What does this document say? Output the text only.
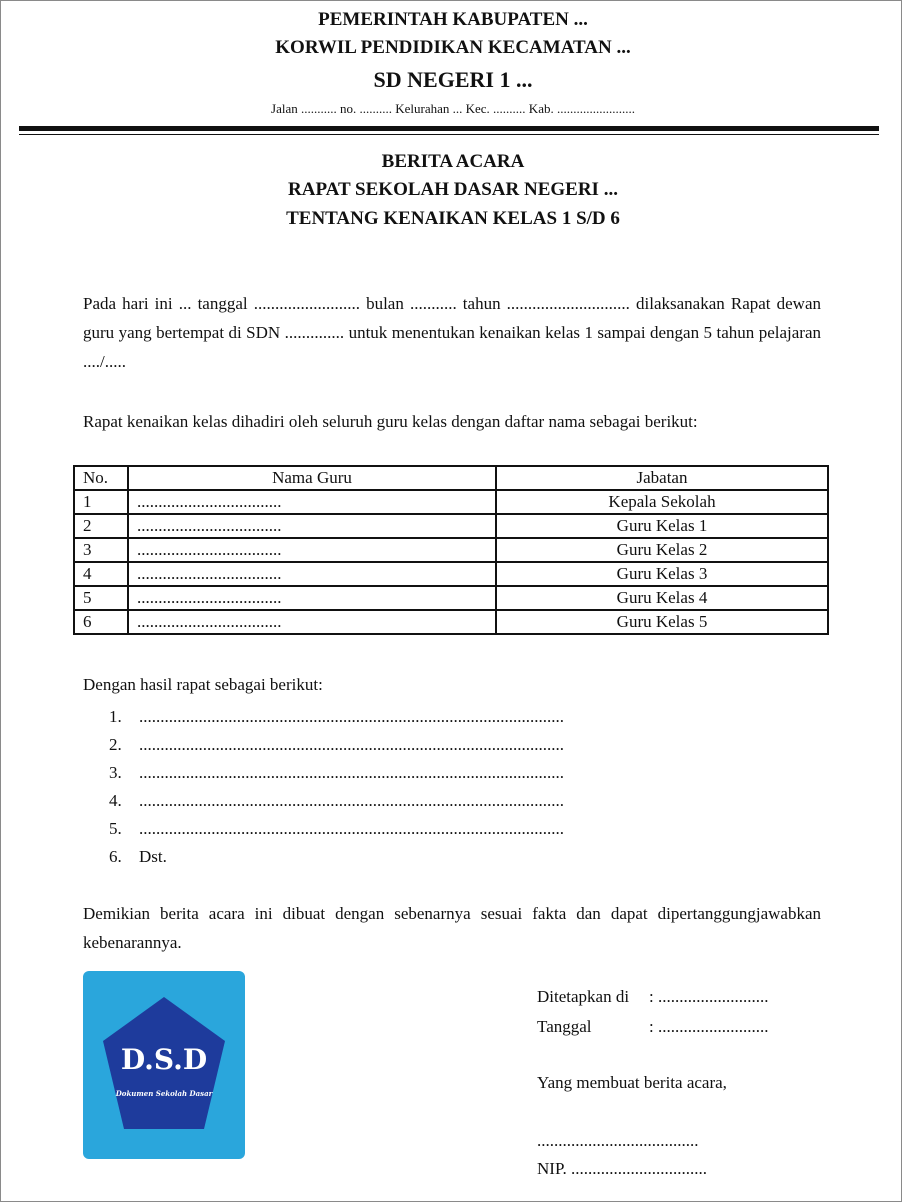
PEMERINTAH KABUPATEN ...

KORWIL PENDIDIKAN KECAMATAN ...

SD NEGERI 1 ...

Jalan ........... no. .......... Kelurahan ... Kec. .......... Kab. ........................

BERITA ACARA

RAPAT SEKOLAH DASAR NEGERI ...

TENTANG KENAIKAN KELAS 1 S/D 6

Pada hari ini ... tanggal ......................... bulan ........... tahun ............................. dilaksanakan Rapat dewan guru yang bertempat di SDN .............. untuk menentukan kenaikan kelas 1 sampai dengan 5 tahun pelajaran ..../.....

Rapat kenaikan kelas dihadiri oleh seluruh guru kelas dengan daftar nama sebagai berikut:

No.	Nama Guru	Jabatan
1	..................................	Kepala Sekolah
2	..................................	Guru Kelas 1
3	..................................	Guru Kelas 2
4	..................................	Guru Kelas 3
5	..................................	Guru Kelas 4
6	..................................	Guru Kelas 5

Dengan hasil rapat sebagai berikut:

1.	....................................................................................................
2.	....................................................................................................
3.	....................................................................................................
4.	....................................................................................................
5.	....................................................................................................
6.	Dst.

Demikian berita acara ini dibuat dengan sebenarnya sesuai fakta dan dapat dipertanggungjawabkan kebenarannya.

D.S.D
Dokumen Sekolah Dasar
Ditetapkan di	: ..........................
Tanggal	: ..........................

Yang membuat berita acara,

......................................

NIP. ................................
